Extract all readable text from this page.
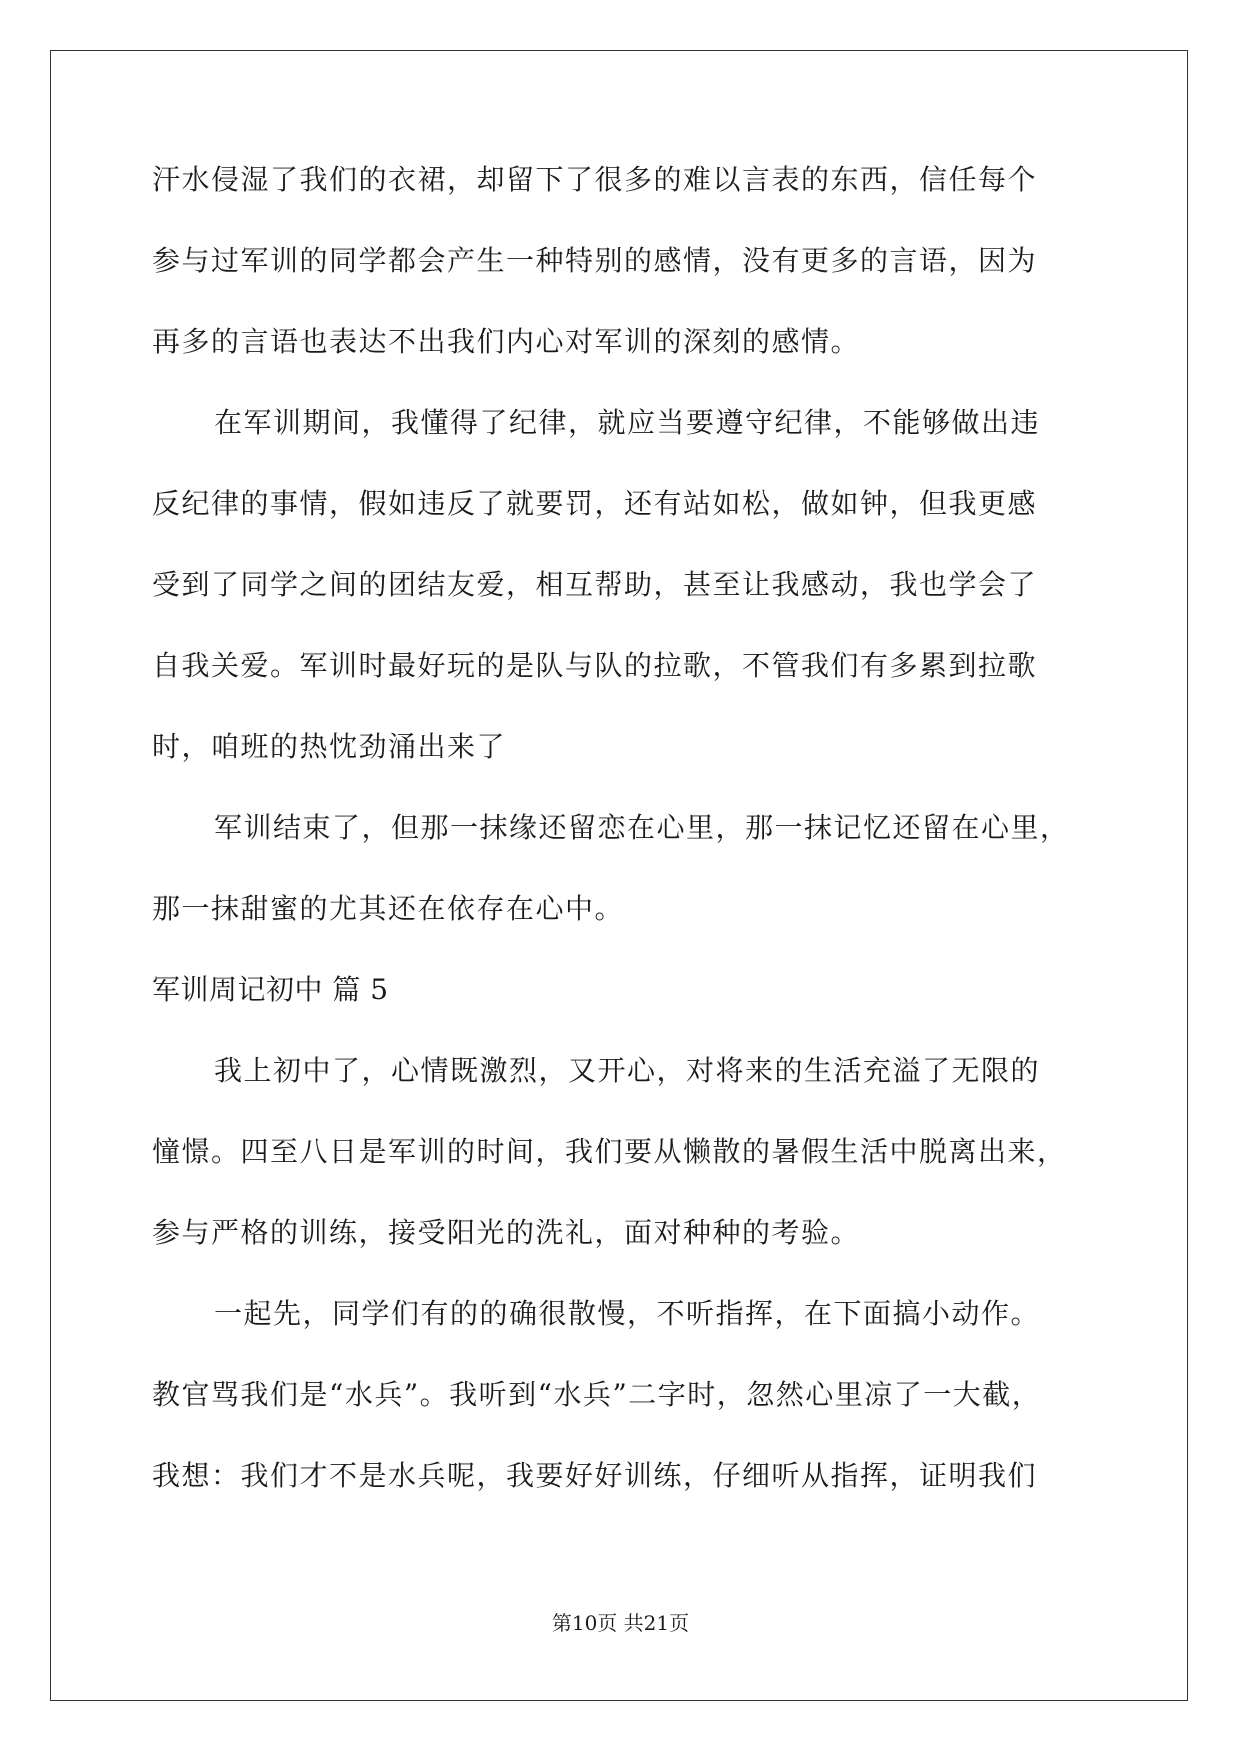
汗水侵湿了我们的衣裙，却留下了很多的难以言表的东西，信任每个
参与过军训的同学都会产生一种特别的感情，没有更多的言语，因为
再多的言语也表达不出我们内心对军训的深刻的感情。
在军训期间，我懂得了纪律，就应当要遵守纪律，不能够做出违
反纪律的事情，假如违反了就要罚，还有站如松，做如钟，但我更感
受到了同学之间的团结友爱，相互帮助，甚至让我感动，我也学会了
自我关爱。军训时最好玩的是队与队的拉歌，不管我们有多累到拉歌
时，咱班的热忱劲涌出来了
军训结束了，但那一抹缘还留恋在心里，那一抹记忆还留在心里，
那一抹甜蜜的尤其还在依存在心中。
军训周记初中 篇 5
我上初中了，心情既激烈，又开心，对将来的生活充溢了无限的
憧憬。四至八日是军训的时间，我们要从懒散的暑假生活中脱离出来，
参与严格的训练，接受阳光的洗礼，面对种种的考验。
一起先，同学们有的的确很散慢，不听指挥，在下面搞小动作。
教官骂我们是“水兵”。我听到“水兵”二字时，忽然心里凉了一大截，
我想：我们才不是水兵呢，我要好好训练，仔细听从指挥，证明我们
第10页 共21页
